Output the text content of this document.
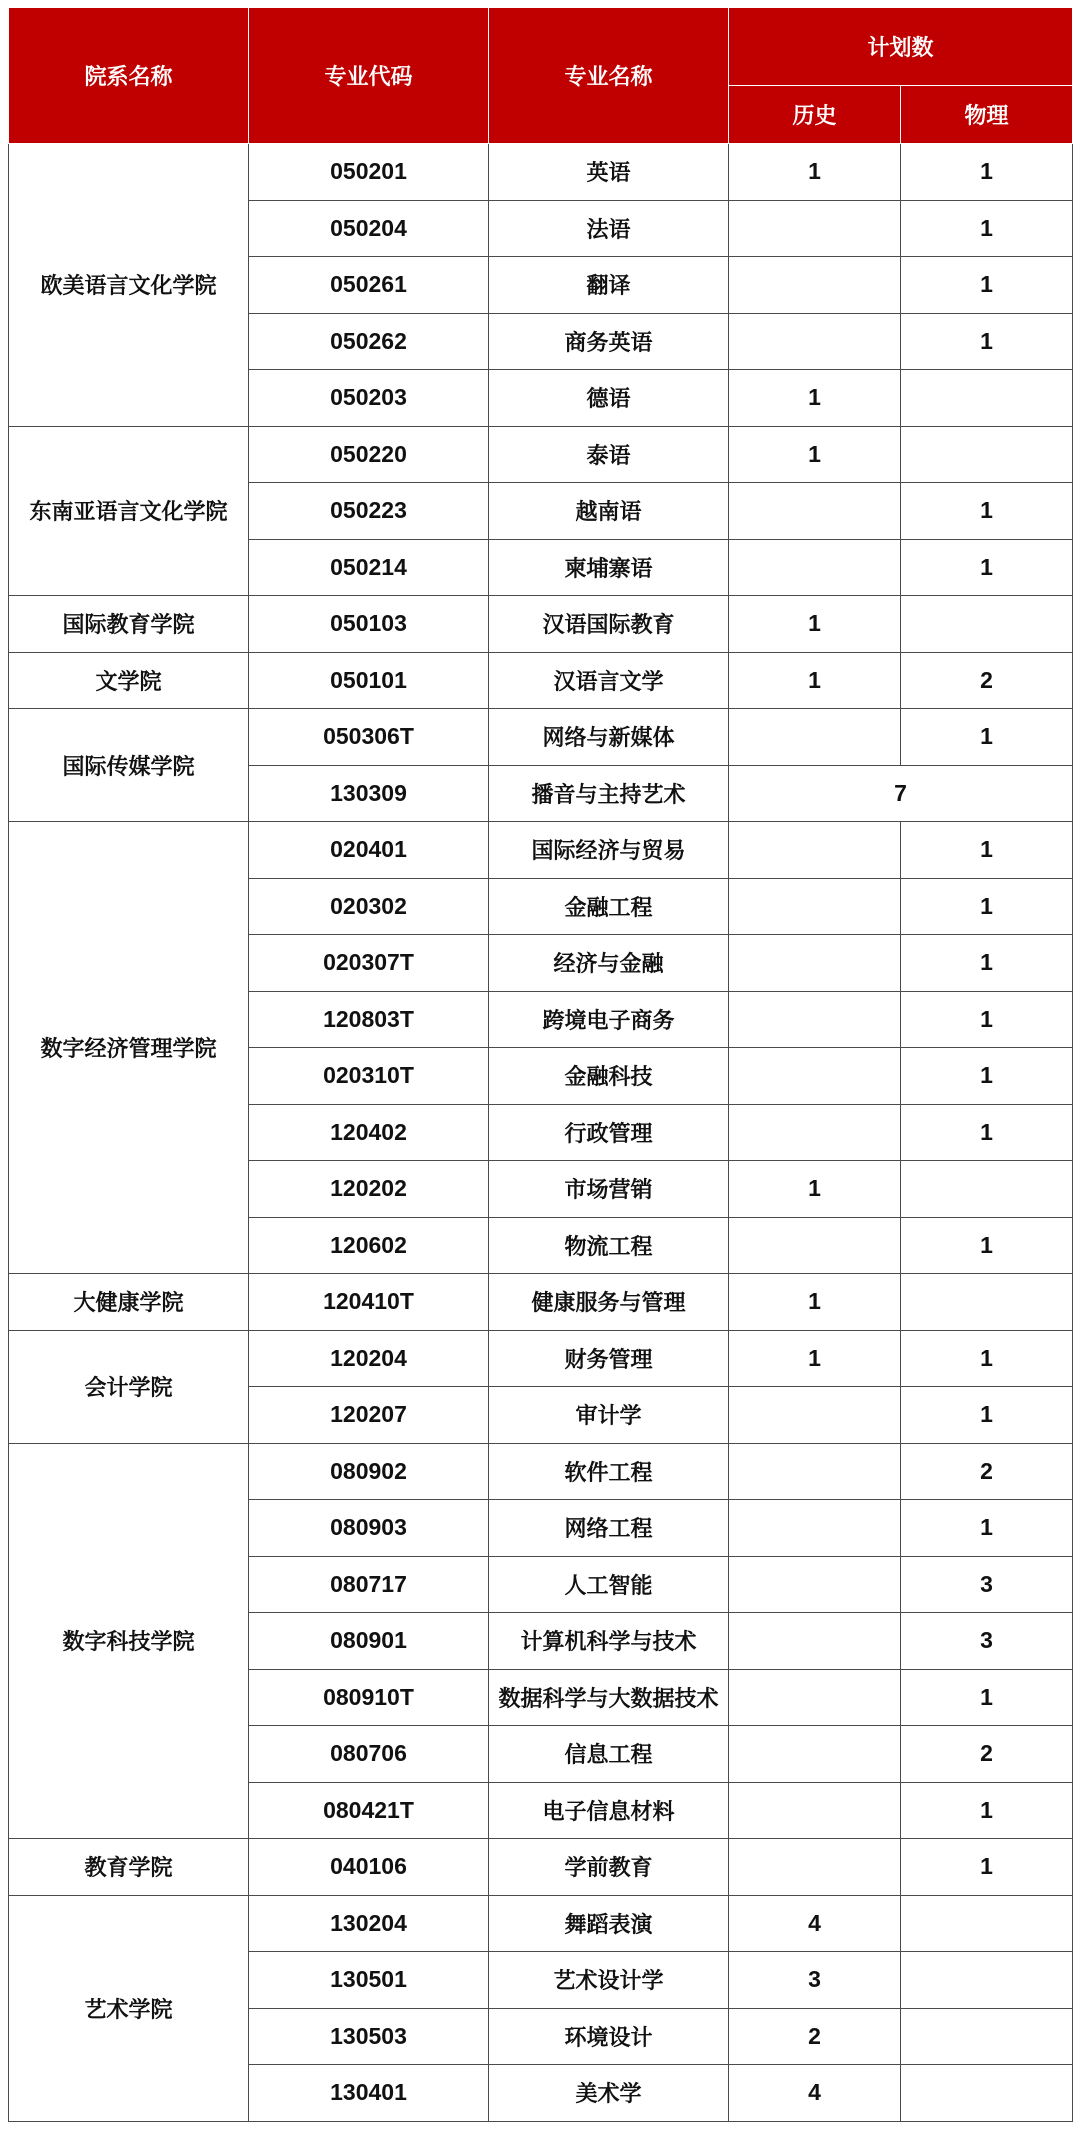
院系名称	专业代码	专业名称	计划数	
			历史	物理
欧美语言文化学院	050201	英语	1	1
	050204	法语		1
	050261	翻译		1
	050262	商务英语		1
	050203	德语	1	
东南亚语言文化学院	050220	泰语	1	
	050223	越南语		1
	050214	柬埔寨语		1
国际教育学院	050103	汉语国际教育	1	
文学院	050101	汉语言文学	1	2
国际传媒学院	050306T	网络与新媒体		1
	130309	播音与主持艺术	7	
数字经济管理学院	020401	国际经济与贸易		1
	020302	金融工程		1
	020307T	经济与金融		1
	120803T	跨境电子商务		1
	020310T	金融科技		1
	120402	行政管理		1
	120202	市场营销	1	
	120602	物流工程		1
大健康学院	120410T	健康服务与管理	1	
会计学院	120204	财务管理	1	1
	120207	审计学		1
数字科技学院	080902	软件工程		2
	080903	网络工程		1
	080717	人工智能		3
	080901	计算机科学与技术		3
	080910T	数据科学与大数据技术		1
	080706	信息工程		2
	080421T	电子信息材料		1
教育学院	040106	学前教育		1
艺术学院	130204	舞蹈表演	4	
	130501	艺术设计学	3	
	130503	环境设计	2	
	130401	美术学	4	
